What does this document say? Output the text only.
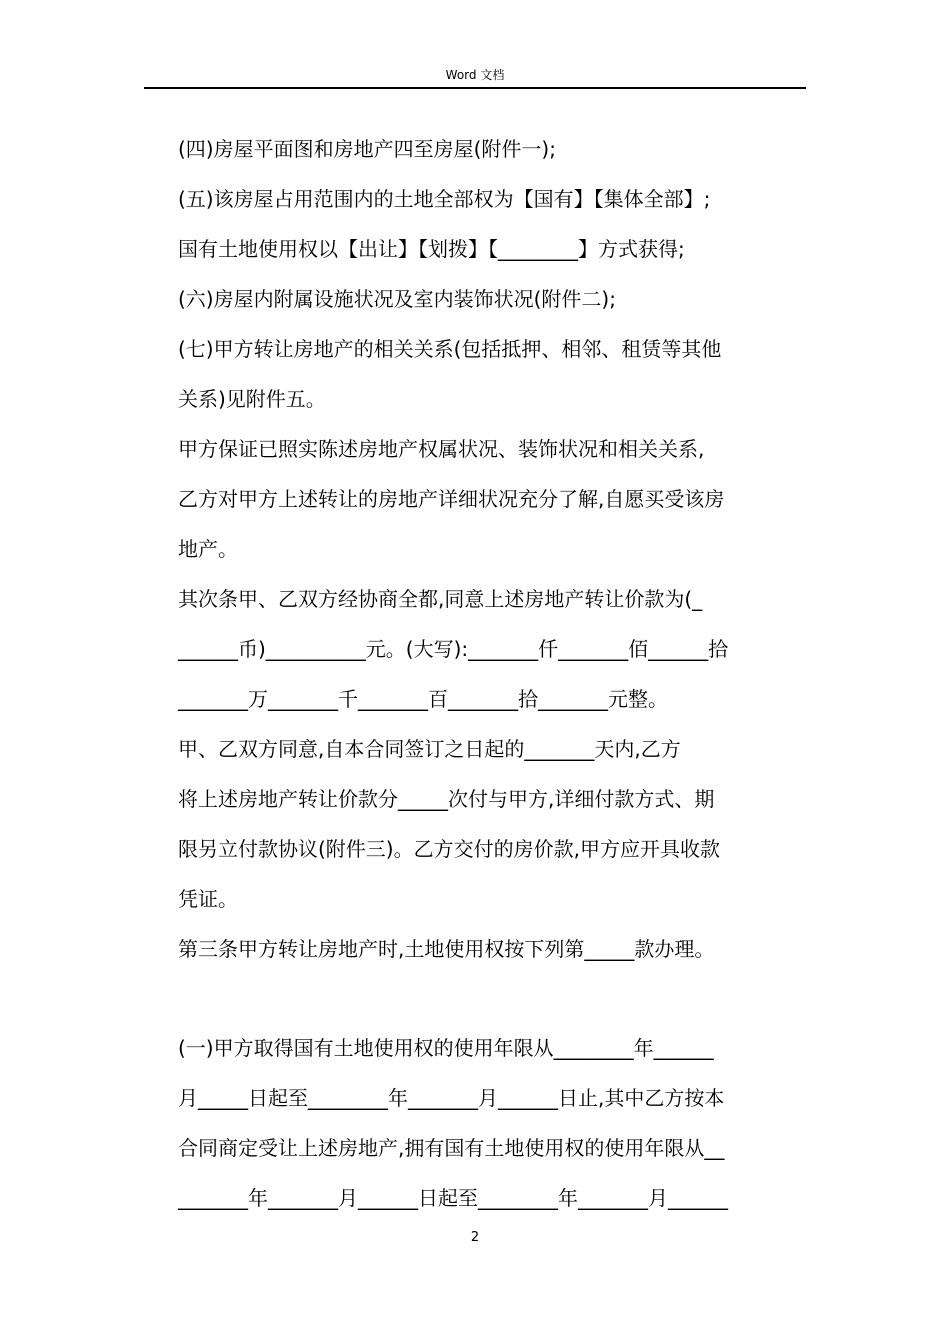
Word 文档

(四)房屋平面图和房地产四至房屋(附件一);

(五)该房屋占用范围内的土地全部权为【国有】【集体全部】;

国有土地使用权以【出让】【划拨】【________】方式获得;

(六)房屋内附属设施状况及室内装饰状况(附件二);

(七)甲方转让房地产的相关关系(包括抵押、相邻、租赁等其他

关系)见附件五。

甲方保证已照实陈述房地产权属状况、装饰状况和相关关系,

乙方对甲方上述转让的房地产详细状况充分了解,自愿买受该房

地产。

其次条甲、乙双方经协商全都,同意上述房地产转让价款为(_

______币)__________元。(大写):_______仟_______佰______拾

_______万_______千_______百_______拾_______元整。

甲、乙双方同意,自本合同签订之日起的_______天内,乙方

将上述房地产转让价款分_____次付与甲方,详细付款方式、期

限另立付款协议(附件三)。乙方交付的房价款,甲方应开具收款

凭证。

第三条甲方转让房地产时,土地使用权按下列第_____款办理。

(一)甲方取得国有土地使用权的使用年限从________年______

月_____日起至________年_______月______日止,其中乙方按本

合同商定受让上述房地产,拥有国有土地使用权的使用年限从__

_______年_______月______日起至________年_______月______

2
